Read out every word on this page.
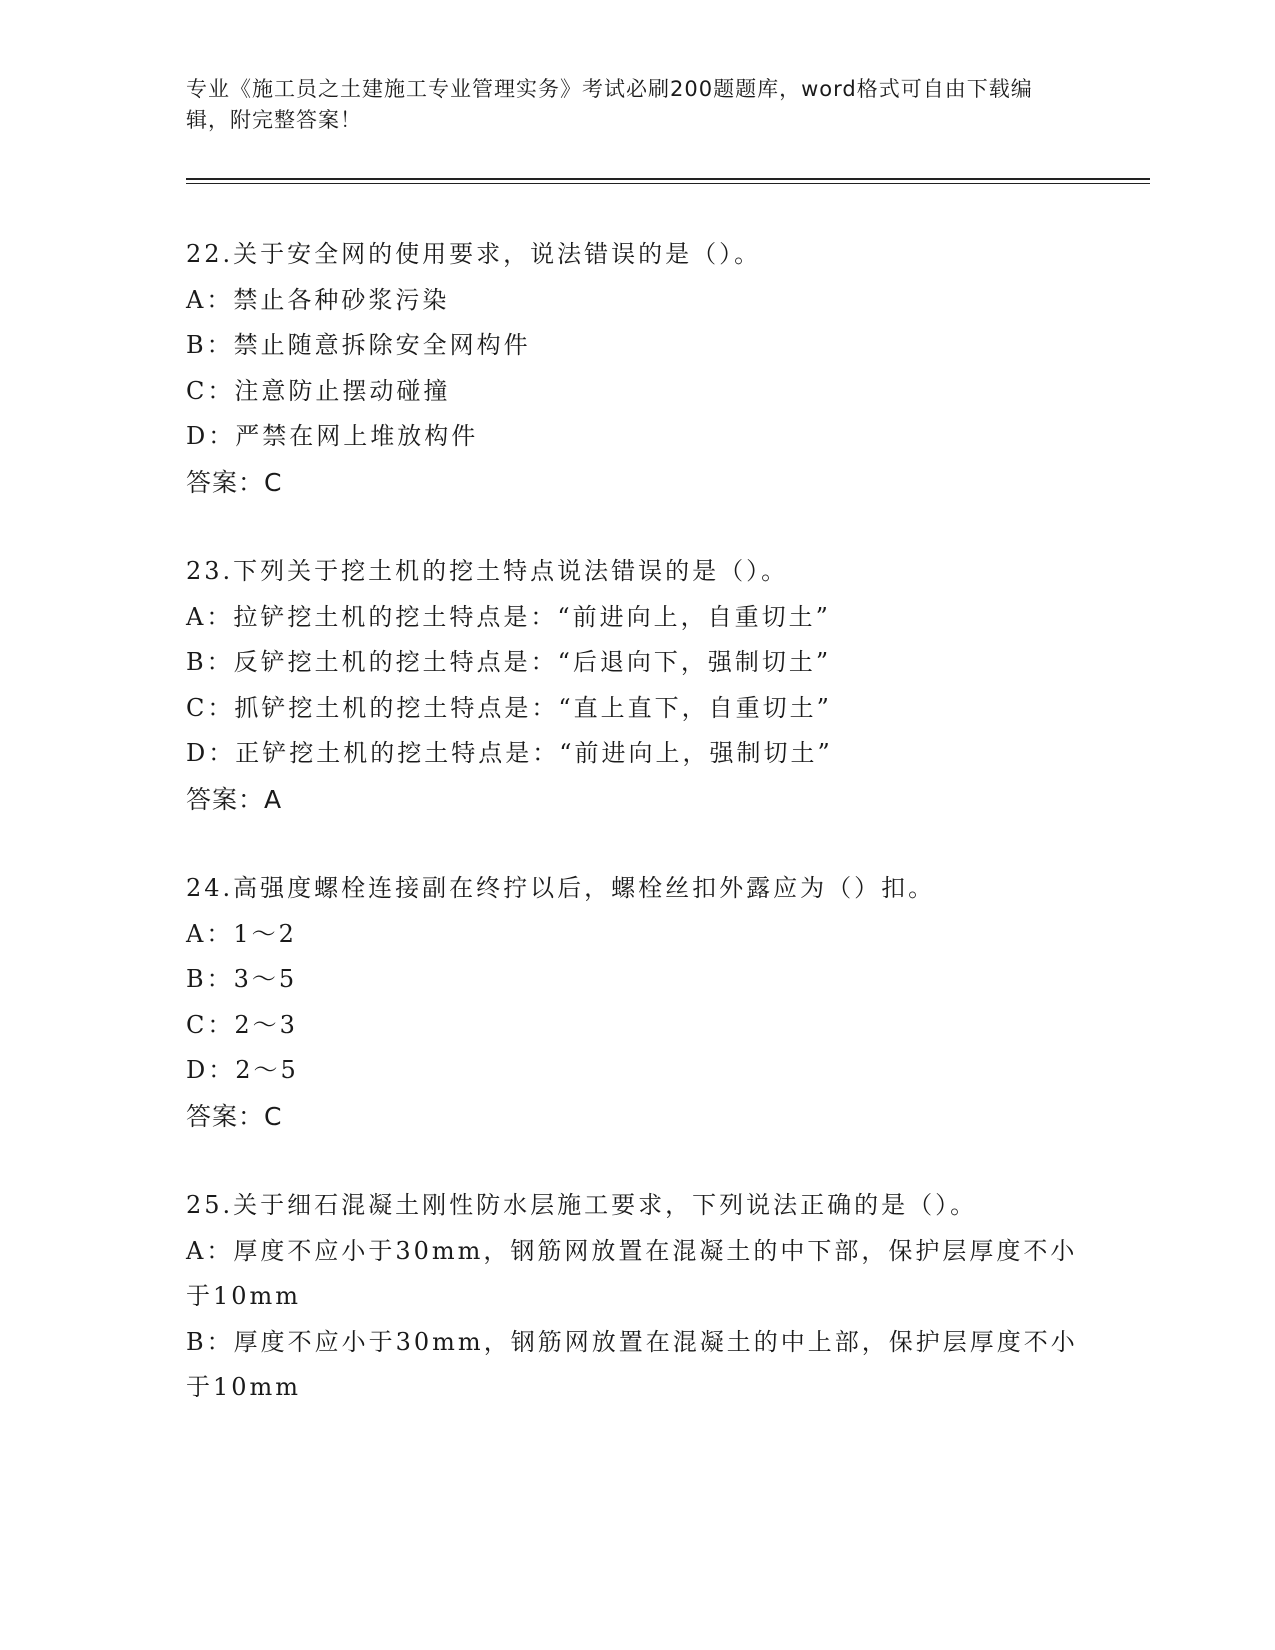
专业《施工员之土建施工专业管理实务》考试必刷200题题库，word格式可自由下载编辑，附完整答案！
22.关于安全网的使用要求，说法错误的是（）。
A：禁止各种砂浆污染
B：禁止随意拆除安全网构件
C：注意防止摆动碰撞
D：严禁在网上堆放构件
答案：C
23.下列关于挖土机的挖土特点说法错误的是（）。
A：拉铲挖土机的挖土特点是：“前进向上，自重切土”
B：反铲挖土机的挖土特点是：“后退向下，强制切土”
C：抓铲挖土机的挖土特点是：“直上直下，自重切土”
D：正铲挖土机的挖土特点是：“前进向上，强制切土”
答案：A
24.高强度螺栓连接副在终拧以后，螺栓丝扣外露应为（）扣。
A：1～2
B：3～5
C：2～3
D：2～5
答案：C
25.关于细石混凝土刚性防水层施工要求，下列说法正确的是（）。
A：厚度不应小于30mm，钢筋网放置在混凝土的中下部，保护层厚度不小于10mm
B：厚度不应小于30mm，钢筋网放置在混凝土的中上部，保护层厚度不小于10mm
